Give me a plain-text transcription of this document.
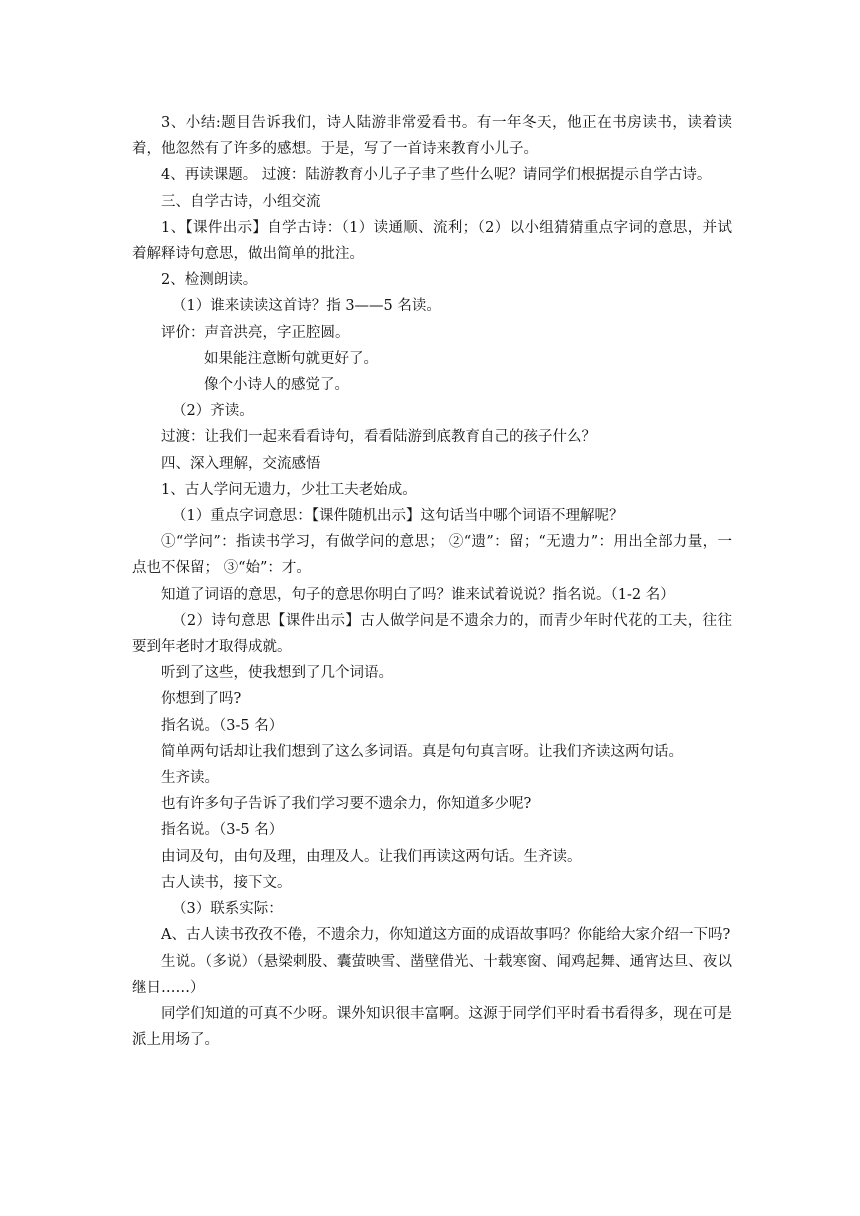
3、小结:题目告诉我们，诗人陆游非常爱看书。有一年冬天，他正在书房读书，读着读着，他忽然有了许多的感想。于是，写了一首诗来教育小儿子。

4、再读课题。 过渡：陆游教育小儿子子聿了些什么呢？请同学们根据提示自学古诗。

三、自学古诗，小组交流

1、【课件出示】自学古诗：（1）读通顺、流利；（2）以小组猜猜重点字词的意思，并试着解释诗句意思，做出简单的批注。

2、检测朗读。

（1）谁来读读这首诗？指 3——5 名读。

评价：声音洪亮，字正腔圆。

如果能注意断句就更好了。

像个小诗人的感觉了。

（2）齐读。

过渡：让我们一起来看看诗句，看看陆游到底教育自己的孩子什么？

四、深入理解，交流感悟

1、古人学问无遗力，少壮工夫老始成。

（1）重点字词意思：【课件随机出示】这句话当中哪个词语不理解呢？

①“学问”：指读书学习，有做学问的意思； ②“遗”：留；“无遗力”：用出全部力量，一点也不保留； ③“始”：才。

知道了词语的意思，句子的意思你明白了吗？谁来试着说说？指名说。（1-2 名）

（2）诗句意思【课件出示】古人做学问是不遗余力的，而青少年时代花的工夫，往往要到年老时才取得成就。

听到了这些，使我想到了几个词语。

你想到了吗?

指名说。（3-5 名）

简单两句话却让我们想到了这么多词语。真是句句真言呀。让我们齐读这两句话。

生齐读。

也有许多句子告诉了我们学习要不遗余力，你知道多少呢?

指名说。（3-5 名）

由词及句，由句及理，由理及人。让我们再读这两句话。生齐读。

古人读书，接下文。

（3）联系实际：

A、古人读书孜孜不倦，不遗余力，你知道这方面的成语故事吗？你能给大家介绍一下吗?

生说。（多说）（悬梁刺股、囊萤映雪、凿壁借光、十载寒窗、闻鸡起舞、通宵达旦、夜以继日……）

同学们知道的可真不少呀。课外知识很丰富啊。这源于同学们平时看书看得多，现在可是派上用场了。
